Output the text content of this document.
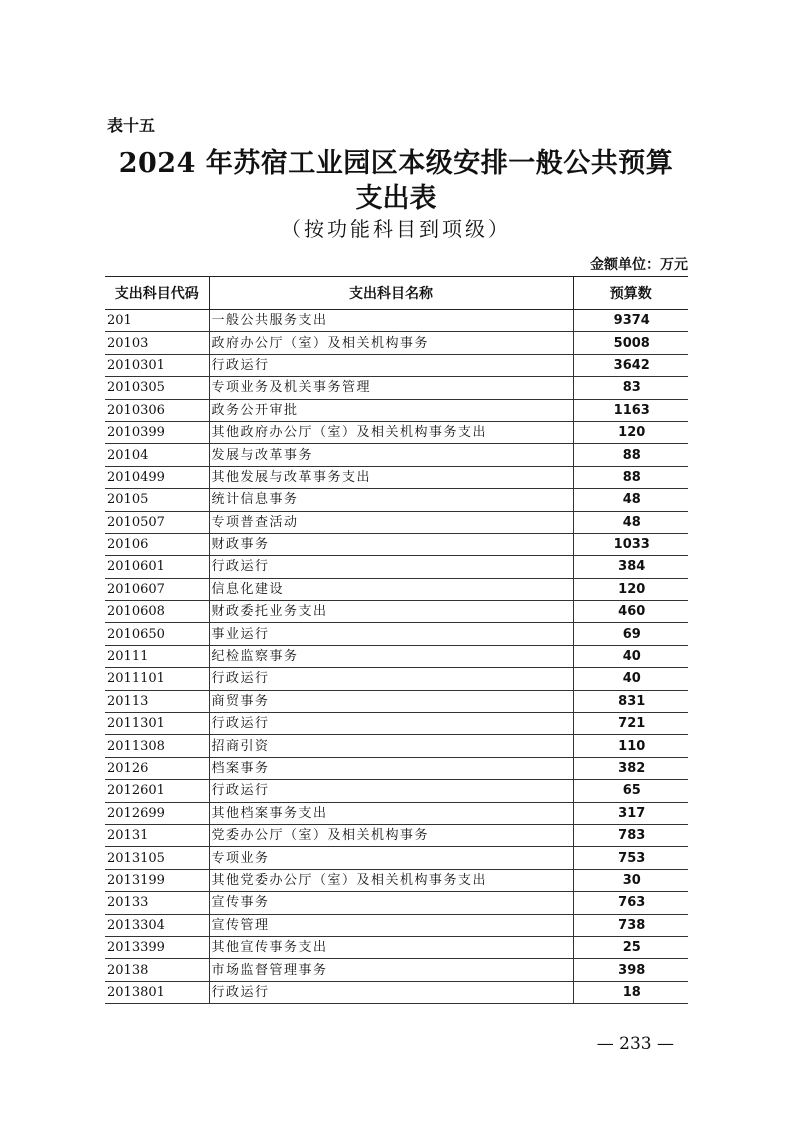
表十五
2024 年苏宿工业园区本级安排一般公共预算
支出表
（按功能科目到项级）
金额单位：万元
支出科目代码	支出科目名称	预算数
201	一般公共服务支出	9374
20103	政府办公厅（室）及相关机构事务	5008
2010301	行政运行	3642
2010305	专项业务及机关事务管理	83
2010306	政务公开审批	1163
2010399	其他政府办公厅（室）及相关机构事务支出	120
20104	发展与改革事务	88
2010499	其他发展与改革事务支出	88
20105	统计信息事务	48
2010507	专项普查活动	48
20106	财政事务	1033
2010601	行政运行	384
2010607	信息化建设	120
2010608	财政委托业务支出	460
2010650	事业运行	69
20111	纪检监察事务	40
2011101	行政运行	40
20113	商贸事务	831
2011301	行政运行	721
2011308	招商引资	110
20126	档案事务	382
2012601	行政运行	65
2012699	其他档案事务支出	317
20131	党委办公厅（室）及相关机构事务	783
2013105	专项业务	753
2013199	其他党委办公厅（室）及相关机构事务支出	30
20133	宣传事务	763
2013304	宣传管理	738
2013399	其他宣传事务支出	25
20138	市场监督管理事务	398
2013801	行政运行	18
— 233 —
